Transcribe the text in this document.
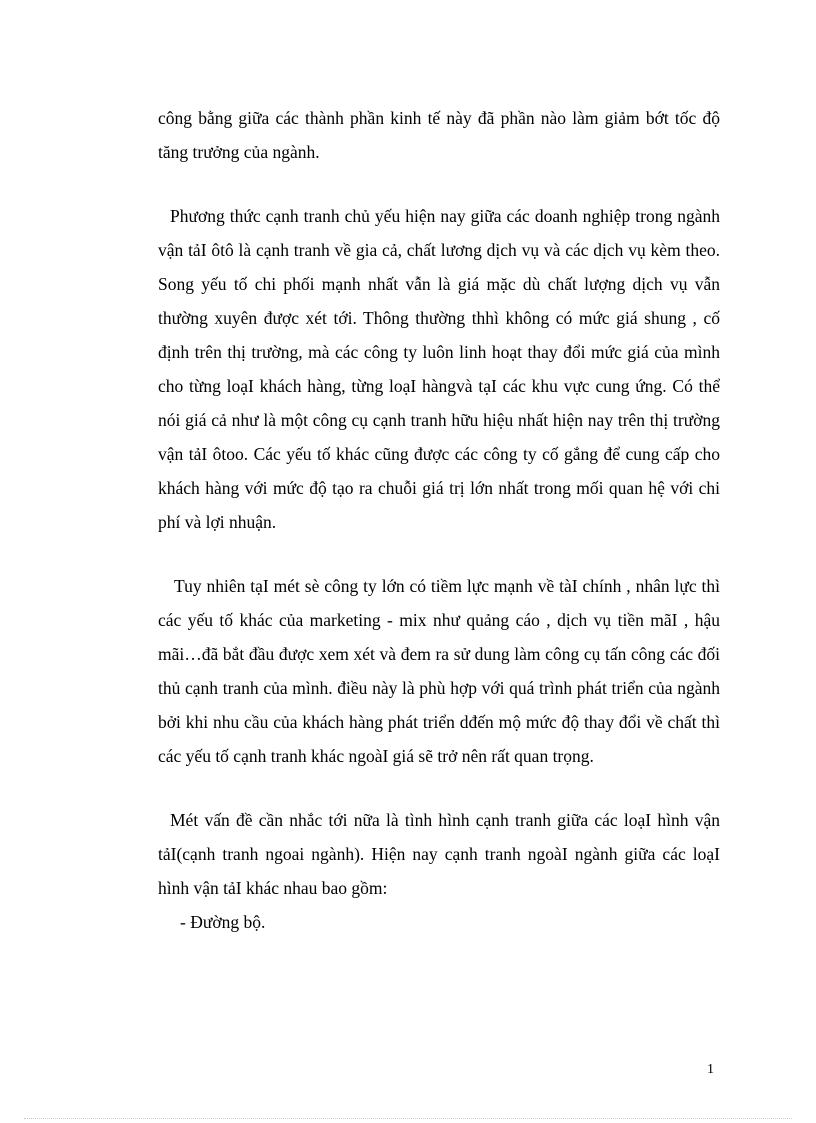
công bằng giữa các thành phần kinh tế này đã phần nào làm giảm bớt tốc độ tăng trưởng của ngành.

Phương thức cạnh tranh chủ yếu hiện nay giữa các doanh nghiệp trong ngành vận tảI ôtô là cạnh tranh về gia cả, chất lương dịch vụ và các dịch vụ kèm theo. Song yếu tố chi phối mạnh nhất vẫn là giá mặc dù chất lượng dịch vụ vẫn thường xuyên được xét tới. Thông thường thhì không có mức giá shung , cố định trên thị trường, mà các công ty luôn linh hoạt thay đổi mức giá của mình cho từng loạI khách hàng, từng loạI hàngvà tạI các khu vực cung ứng. Có thể nói giá cả như là một công cụ cạnh tranh hữu hiệu nhất hiện nay trên thị trường vận tảI ôtoo. Các yếu tố khác cũng được các công ty cố gắng để cung cấp cho khách hàng với mức độ tạo ra chuỗi giá trị lớn nhất trong mối quan hệ với chi phí và lợi nhuận.

Tuy nhiên tạI mét sè công ty lớn có tiềm lực mạnh về tàI chính , nhân lực thì các yếu tố khác của marketing - mix như quảng cáo , dịch vụ tiền mãI , hậu mãi…đã bắt đầu được xem xét và đem ra sử dung làm công cụ tấn công các đối thủ cạnh tranh của mình. điều này là phù hợp với quá trình phát triển của ngành bởi khi nhu cầu của khách hàng phát triển dđến mộ mức độ thay đổi về chất thì các yếu tố cạnh tranh khác ngoàI giá sẽ trở nên rất quan trọng.

Mét vấn đề cần nhắc tới nữa là tình hình cạnh tranh giữa các loạI hình vận tảI(cạnh tranh ngoai ngành). Hiện nay cạnh tranh ngoàI ngành giữa các loạI hình vận tảI khác nhau bao gồm:

- Đường bộ.

1
